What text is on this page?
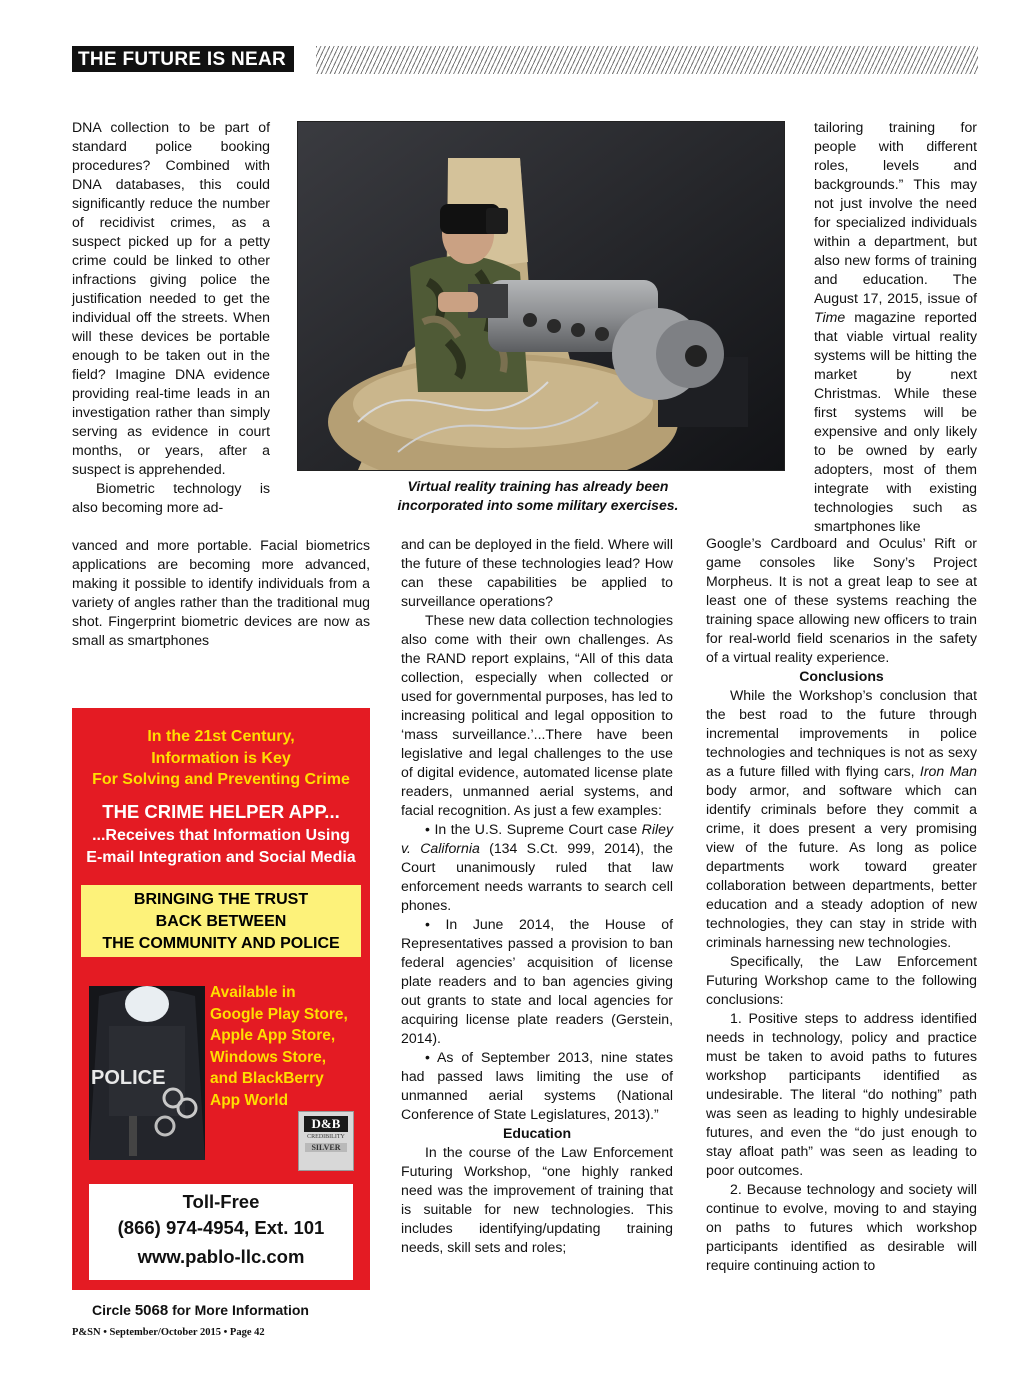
THE FUTURE IS NEAR

DNA collection to be part of standard police booking procedures? Combined with DNA databases, this could significantly reduce the number of recidivist crimes, as a suspect picked up for a petty crime could be linked to other infractions giving police the justification needed to get the individual off the streets. When will these devices be portable enough to be taken out in the field? Imagine DNA evidence providing real-time leads in an investigation rather than simply serving as evidence in court months, or years, after a suspect is apprehended.

Biometric technology is also becoming more ad-

vanced and more portable. Facial biometrics applications are becoming more advanced, making it possible to identify individuals from a variety of angles rather than the traditional mug shot. Fingerprint biometric devices are now as small as smartphones

Virtual reality training has already been
incorporated into some military exercises.

and can be deployed in the field. Where will the future of these technologies lead? How can these capabilities be applied to surveillance operations?

These new data collection technologies also come with their own challenges. As the RAND report explains, “All of this data collection, especially when collected or used for governmental purposes, has led to increasing political and legal opposition to ‘mass surveillance.’...There have been legislative and legal challenges to the use of digital evidence, automated license plate readers, unmanned aerial systems, and facial recognition. As just a few examples:

• In the U.S. Supreme Court case Riley v. California (134 S.Ct. 999, 2014), the Court unanimously ruled that law enforcement needs warrants to search cell phones.

• In June 2014, the House of Representatives passed a provision to ban federal agencies’ acquisition of license plate readers and to ban agencies giving out grants to state and local agencies for acquiring license plate readers (Gerstein, 2014).

• As of September 2013, nine states had passed laws limiting the use of unmanned aerial systems (National Conference of State Legislatures, 2013).”

Education

In the course of the Law Enforcement Futuring Workshop, “one highly ranked need was the improvement of training that is suitable for new technologies. This includes identifying/updating training needs, skill sets and roles;

tailoring training for people with different roles, levels and backgrounds.” This may not just involve the need for specialized individuals within a department, but also new forms of training and education. The August 17, 2015, issue of Time magazine reported that viable virtual reality systems will be hitting the market by next Christmas. While these first systems will be expensive and only likely to be owned by early adopters, most of them integrate with existing technologies such as smartphones like

Google’s Cardboard and Oculus’ Rift or game consoles like Sony’s Project Morpheus. It is not a great leap to see at least one of these systems reaching the training space allowing new officers to train for real-world field scenarios in the safety of a virtual reality experience.

Conclusions

While the Workshop’s conclusion that the best road to the future through incremental improvements in police technologies and techniques is not as sexy as a future filled with flying cars, Iron Man body armor, and software which can identify criminals before they commit a crime, it does present a very promising view of the future. As long as police departments work toward greater collaboration between departments, better education and a steady adoption of new technologies, they can stay in stride with criminals harnessing new technologies.

Specifically, the Law Enforcement Futuring Workshop came to the following conclusions:

1. Positive steps to address identified needs in technology, policy and practice must be taken to avoid paths to futures workshop participants identified as undesirable. The literal “do nothing” path was seen as leading to highly undesirable futures, and even the “do just enough to stay afloat path” was seen as leading to poor outcomes.

2. Because technology and society will continue to evolve, moving to and staying on paths to futures which workshop participants identified as desirable will require continuing action to

In the 21st Century,
Information is Key
For Solving and Preventing Crime
THE CRIME HELPER APP...
...Receives that Information Using
E-mail Integration and Social Media
BRINGING THE TRUST
BACK BETWEEN
THE COMMUNITY AND POLICE
POLICE
Available in
Google Play Store,
Apple App Store,
Windows Store,
and BlackBerry
App World
D&B
CREDIBILITY
SILVER
Toll-Free
(866) 974-4954, Ext. 101
www.pablo-llc.com
Circle 5068 for More Information
P&SN • September/October 2015 • Page 42
